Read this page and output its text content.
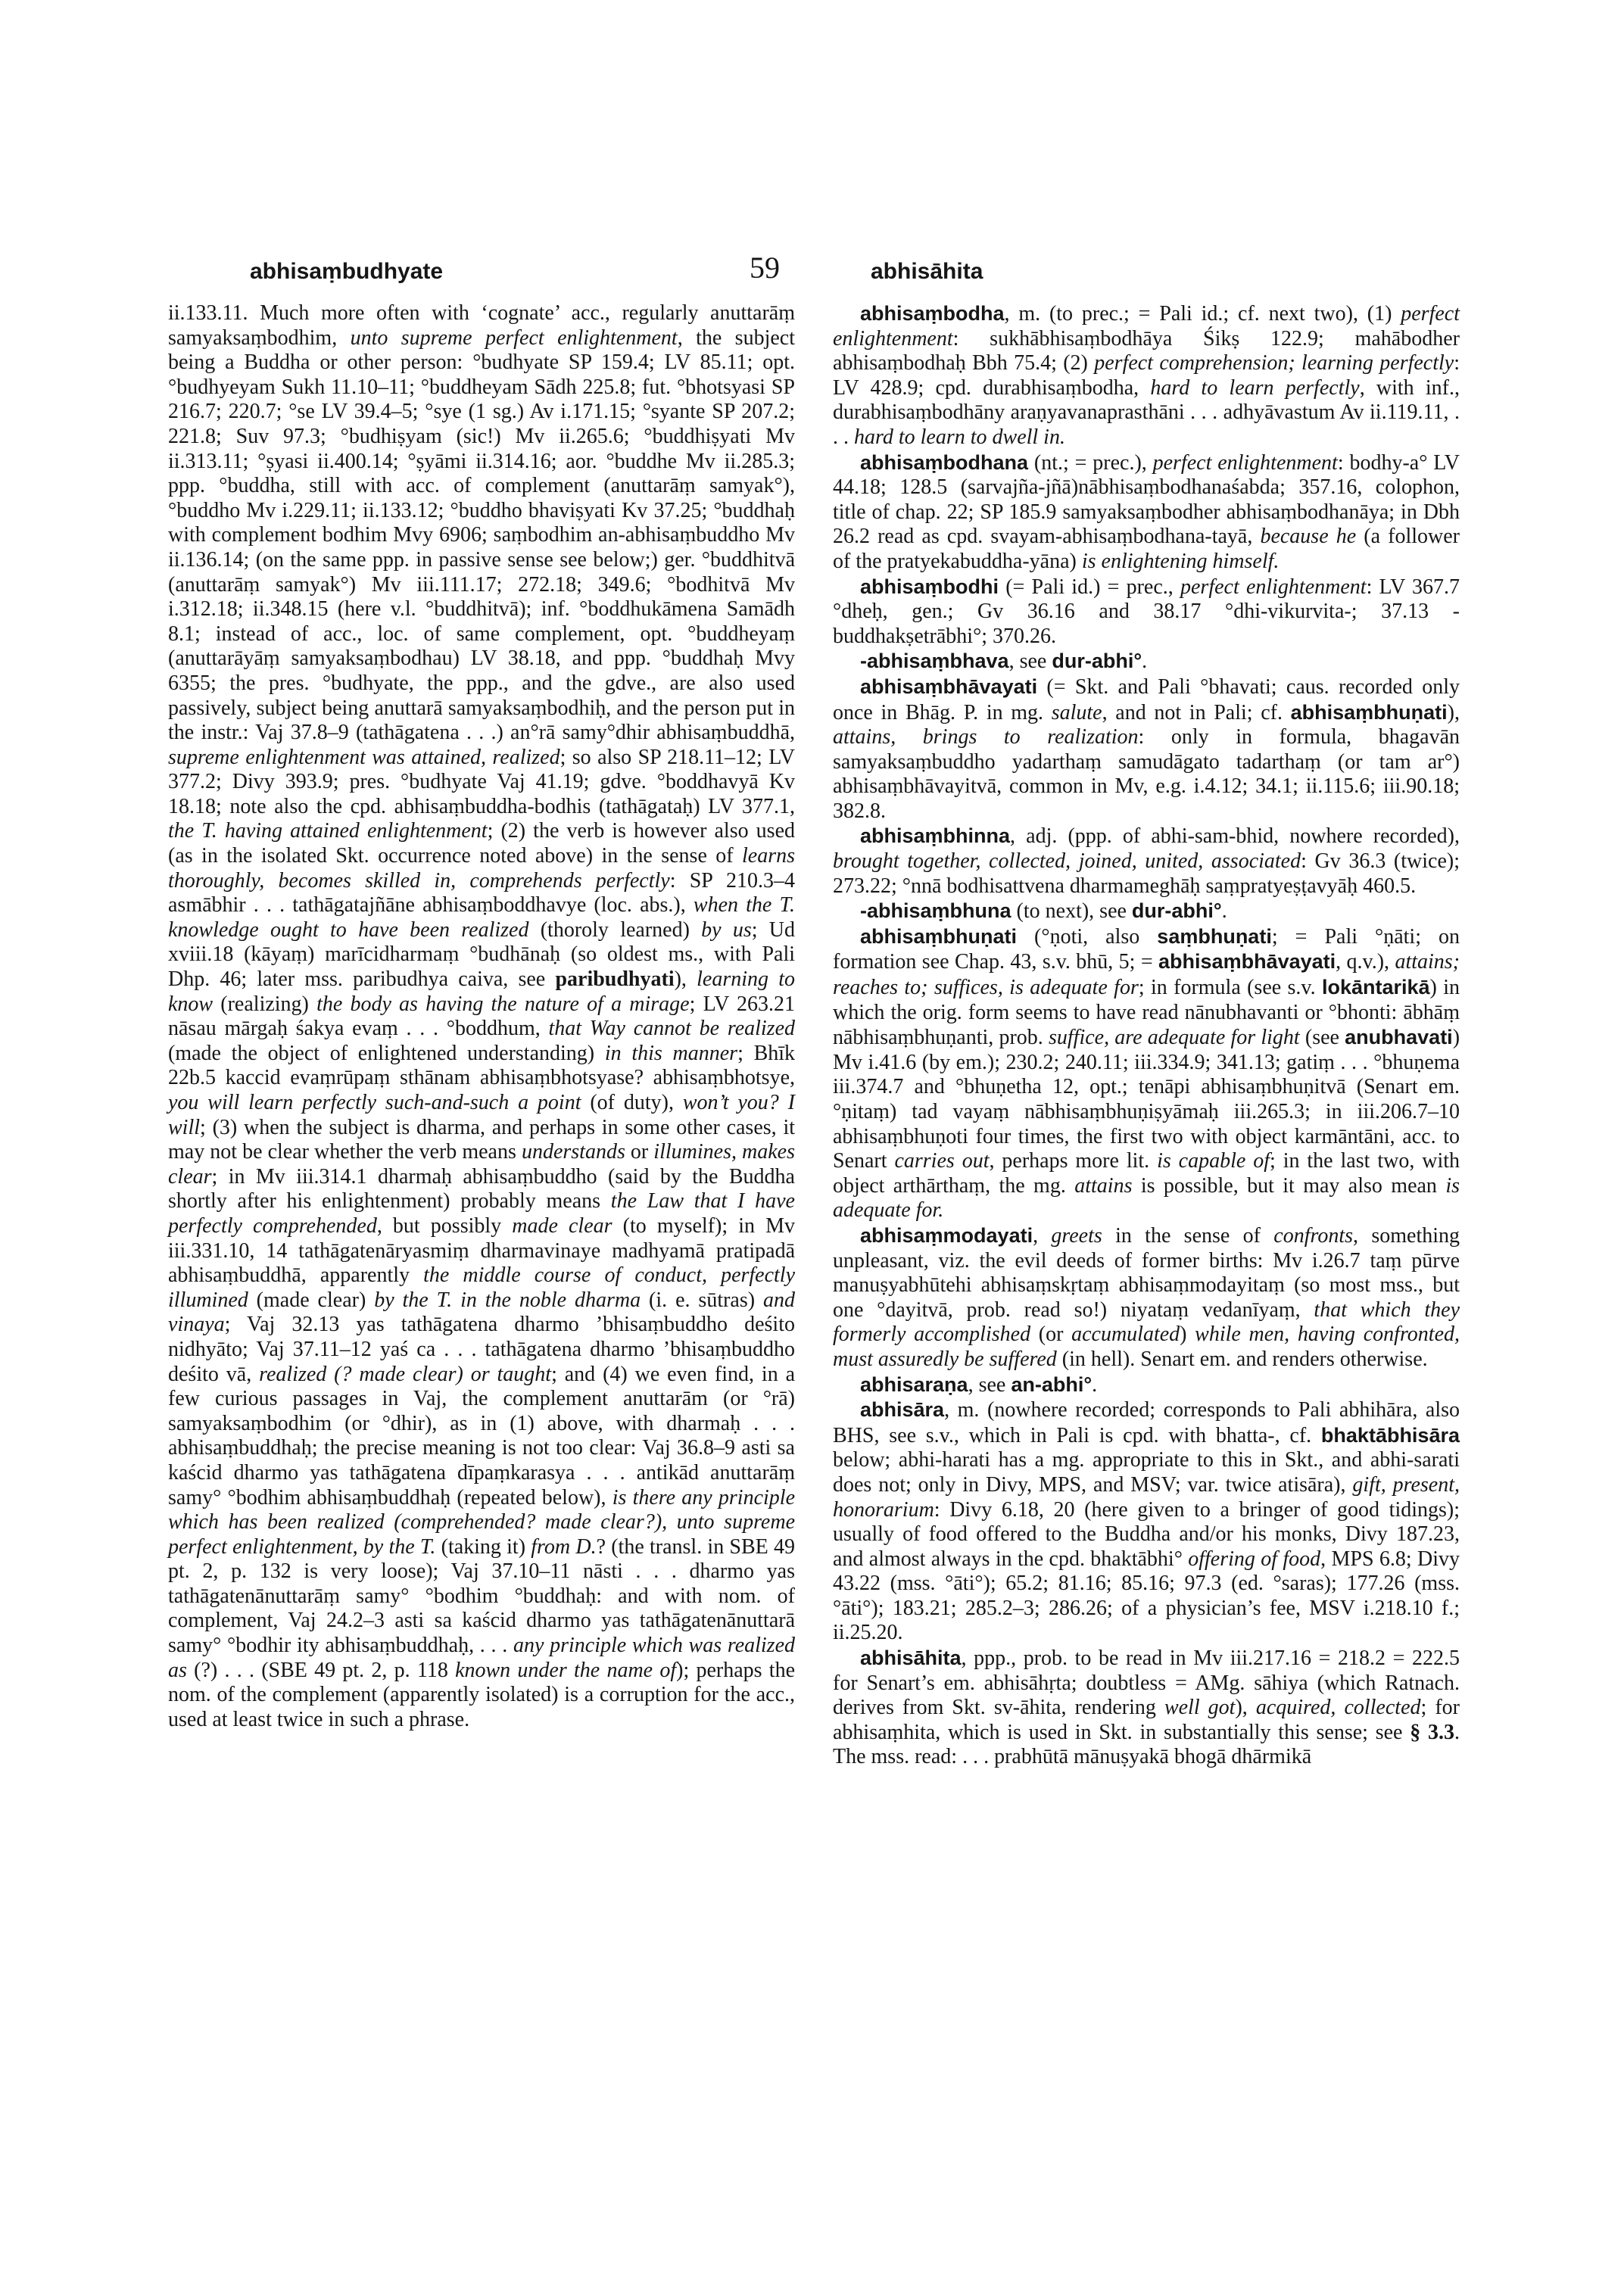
abhisaṃbudhyate	59	abhisāhita

ii.133.11. Much more often with ‘cognate’ acc., regularly anuttarāṃ samyaksaṃbodhim, unto supreme perfect enlightenment, the subject being a Buddha or other person: °budhyate SP 159.4; LV 85.11; opt. °budhyeyam Sukh 11.10–11; °buddheyam Sādh 225.8; fut. °bhotsyasi SP 216.7; 220.7; °se LV 39.4–5; °sye (1 sg.) Av i.171.15; °syante SP 207.2; 221.8; Suv 97.3; °budhiṣyam (sic!) Mv ii.265.6; °buddhiṣyati Mv ii.313.11; °ṣyasi ii.400.14; °ṣyāmi ii.314.16; aor. °buddhe Mv ii.285.3; ppp. °buddha, still with acc. of complement (anuttarāṃ samyak°), °buddho Mv i.229.11; ii.133.12; °buddho bhaviṣyati Kv 37.25; °buddhaḥ with complement bodhim Mvy 6906; saṃbodhim an-abhisaṃbuddho Mv ii.136.14; (on the same ppp. in passive sense see below;) ger. °buddhitvā (anuttarāṃ samyak°) Mv iii.111.17; 272.18; 349.6; °bodhitvā Mv i.312.18; ii.348.15 (here v.l. °buddhitvā); inf. °boddhukāmena Samādh 8.1; instead of acc., loc. of same complement, opt. °buddheyaṃ (anuttarāyāṃ samyaksaṃbodhau) LV 38.18, and ppp. °buddhaḥ Mvy 6355; the pres. °budhyate, the ppp., and the gdve., are also used passively, subject being anuttarā samyaksaṃbodhiḥ, and the person put in the instr.: Vaj 37.8–9 (tathāgatena . . .) an°rā samy°dhir abhisaṃbuddhā, supreme enlightenment was attained, realized; so also SP 218.11–12; LV 377.2; Divy 393.9; pres. °budhyate Vaj 41.19; gdve. °boddhavyā Kv 18.18; note also the cpd. abhisaṃbuddha-bodhis (tathāgataḥ) LV 377.1, the T. having attained enlightenment; (2) the verb is however also used (as in the isolated Skt. occurrence noted above) in the sense of learns thoroughly, becomes skilled in, comprehends perfectly: SP 210.3–4 asmābhir . . . tathāgatajñāne abhisaṃboddhavye (loc. abs.), when the T. knowledge ought to have been realized (thoroly learned) by us; Ud xviii.18 (kāyaṃ) marīcidharmaṃ °budhānaḥ (so oldest ms., with Pali Dhp. 46; later mss. paribudhya caiva, see paribudhyati), learning to know (realizing) the body as having the nature of a mirage; LV 263.21 nāsau mārgaḥ śakya evaṃ . . . °boddhum, that Way cannot be realized (made the object of enlightened understanding) in this manner; Bhīk 22b.5 kaccid evaṃrūpaṃ sthānam abhisaṃbhotsyase? abhisaṃbhotsye, you will learn perfectly such-and-such a point (of duty), won’t you? I will; (3) when the subject is dharma, and perhaps in some other cases, it may not be clear whether the verb means understands or illumines, makes clear; in Mv iii.314.1 dharmaḥ abhisaṃbuddho (said by the Buddha shortly after his enlightenment) probably means the Law that I have perfectly comprehended, but possibly made clear (to myself); in Mv iii.331.10, 14 tathāgatenāryasmiṃ dharmavinaye madhyamā pratipadā abhisaṃbuddhā, apparently the middle course of conduct, perfectly illumined (made clear) by the T. in the noble dharma (i. e. sūtras) and vinaya; Vaj 32.13 yas tathāgatena dharmo ’bhisaṃbuddho deśito nidhyāto; Vaj 37.11–12 yaś ca . . . tathāgatena dharmo ’bhisaṃbuddho deśito vā, realized (? made clear) or taught; and (4) we even find, in a few curious passages in Vaj, the complement anuttarām (or °rā) samyaksaṃbodhim (or °dhir), as in (1) above, with dharmaḥ . . . abhisaṃbuddhaḥ; the precise meaning is not too clear: Vaj 36.8–9 asti sa kaścid dharmo yas tathāgatena dīpaṃkarasya . . . antikād anuttarāṃ samy° °bodhim abhisaṃbuddhaḥ (repeated below), is there any principle which has been realized (comprehended? made clear?), unto supreme perfect enlightenment, by the T. (taking it) from D.? (the transl. in SBE 49 pt. 2, p. 132 is very loose); Vaj 37.10–11 nāsti . . . dharmo yas tathāgatenānuttarāṃ samy° °bodhim °buddhaḥ: and with nom. of complement, Vaj 24.2–3 asti sa kaścid dharmo yas tathāgatenānuttarā samy° °bodhir ity abhisaṃbuddhaḥ, . . . any principle which was realized as (?) . . . (SBE 49 pt. 2, p. 118 known under the name of); perhaps the nom. of the complement (apparently isolated) is a corruption for the acc., used at least twice in such a phrase.

abhisaṃbodha, m. (to prec.; = Pali id.; cf. next two), (1) perfect enlightenment: sukhābhisaṃbodhāya Śikṣ 122.9; mahābodher abhisaṃbodhaḥ Bbh 75.4; (2) perfect comprehension; learning perfectly: LV 428.9; cpd. durabhisaṃbodha, hard to learn perfectly, with inf., durabhisaṃbodhāny araṇyavanaprasthāni . . . adhyāvastum Av ii.119.11, . . . hard to learn to dwell in.

abhisaṃbodhana (nt.; = prec.), perfect enlightenment: bodhy-a° LV 44.18; 128.5 (sarvajña-jñā)nābhisaṃbodhanaśabda; 357.16, colophon, title of chap. 22; SP 185.9 samyaksaṃbodher abhisaṃbodhanāya; in Dbh 26.2 read as cpd. svayam-abhisaṃbodhana-tayā, because he (a follower of the pratyekabuddha-yāna) is enlightening himself.

abhisaṃbodhi (= Pali id.) = prec., perfect enlightenment: LV 367.7 °dheḥ, gen.; Gv 36.16 and 38.17 °dhi-vikurvita-; 37.13 -buddhakṣetrābhi°; 370.26.

-abhisaṃbhava, see dur-abhi°.

abhisaṃbhāvayati (= Skt. and Pali °bhavati; caus. recorded only once in Bhāg. P. in mg. salute, and not in Pali; cf. abhisaṃbhuṇati), attains, brings to realization: only in formula, bhagavān samyaksaṃbuddho yadarthaṃ samudāgato tadarthaṃ (or tam ar°) abhisaṃbhāvayitvā, common in Mv, e.g. i.4.12; 34.1; ii.115.6; iii.90.18; 382.8.

abhisaṃbhinna, adj. (ppp. of abhi-sam-bhid, nowhere recorded), brought together, collected, joined, united, associated: Gv 36.3 (twice); 273.22; °nnā bodhisattvena dharmameghāḥ saṃpratyeṣṭavyāḥ 460.5.

-abhisaṃbhuna (to next), see dur-abhi°.

abhisaṃbhuṇati (°ṇoti, also saṃbhuṇati; = Pali °ṇāti; on formation see Chap. 43, s.v. bhū, 5; = abhisaṃbhāvayati, q.v.), attains; reaches to; suffices, is adequate for; in formula (see s.v. lokāntarikā) in which the orig. form seems to have read nānubhavanti or °bhonti: ābhāṃ nābhisaṃbhuṇanti, prob. suffice, are adequate for light (see anubhavati) Mv i.41.6 (by em.); 230.2; 240.11; iii.334.9; 341.13; gatiṃ . . . °bhuṇema iii.374.7 and °bhuṇetha 12, opt.; tenāpi abhisaṃbhuṇitvā (Senart em. °ṇitaṃ) tad vayaṃ nābhisaṃbhuṇiṣyāmaḥ iii.265.3; in iii.206.7–10 abhisaṃbhuṇoti four times, the first two with object karmāntāni, acc. to Senart carries out, perhaps more lit. is capable of; in the last two, with object arthārthaṃ, the mg. attains is possible, but it may also mean is adequate for.

abhisaṃmodayati, greets in the sense of confronts, something unpleasant, viz. the evil deeds of former births: Mv i.26.7 taṃ pūrve manuṣyabhūtehi abhisaṃskṛtaṃ abhisaṃmodayitaṃ (so most mss., but one °dayitvā, prob. read so!) niyataṃ vedanīyaṃ, that which they formerly accomplished (or accumulated) while men, having confronted, must assuredly be suffered (in hell). Senart em. and renders otherwise.

abhisaraṇa, see an-abhi°.

abhisāra, m. (nowhere recorded; corresponds to Pali abhihāra, also BHS, see s.v., which in Pali is cpd. with bhatta-, cf. bhaktābhisāra below; abhi-harati has a mg. appropriate to this in Skt., and abhi-sarati does not; only in Divy, MPS, and MSV; var. twice atisāra), gift, present, honorarium: Divy 6.18, 20 (here given to a bringer of good tidings); usually of food offered to the Buddha and/or his monks, Divy 187.23, and almost always in the cpd. bhaktābhi° offering of food, MPS 6.8; Divy 43.22 (mss. °āti°); 65.2; 81.16; 85.16; 97.3 (ed. °saras); 177.26 (mss. °āti°); 183.21; 285.2–3; 286.26; of a physician’s fee, MSV i.218.10 f.; ii.25.20.

abhisāhita, ppp., prob. to be read in Mv iii.217.16 = 218.2 = 222.5 for Senart’s em. abhisāhṛta; doubtless = AMg. sāhiya (which Ratnach. derives from Skt. sv-āhita, rendering well got), acquired, collected; for abhisaṃhita, which is used in Skt. in substantially this sense; see § 3.3. The mss. read: . . . prabhūtā mānuṣyakā bhogā dhārmikā
